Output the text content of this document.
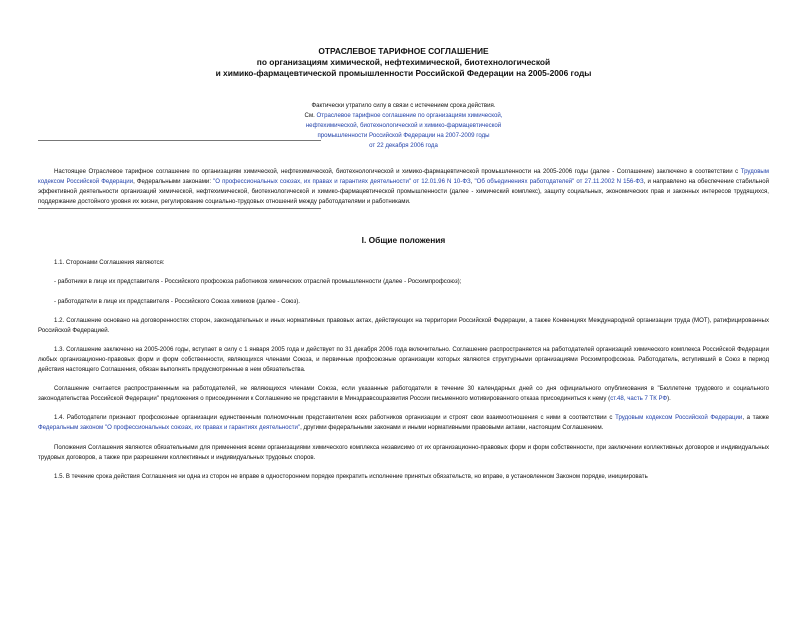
ОТРАСЛЕВОЕ ТАРИФНОЕ СОГЛАШЕНИЕ
по организациям химической, нефтехимической, биотехнологической
и химико-фармацевтической промышленности Российской Федерации на 2005-2006 годы
Фактически утратило силу в связи с истечением срока действия.
См. Отраслевое тарифное соглашение по организациям химической,
нефтехимической, биотехнологической и химико-фармацевтической
промышленности Российской Федерации на 2007-2009 годы
от 22 декабря 2006 года

Настоящее Отраслевое тарифное соглашение по организациям химической, нефтехимической, биотехнологической и химико-фармацевтической промышленности на 2005-2006 годы (далее - Соглашение) заключено в соответствии с Трудовым кодексом Российской Федерации, Федеральными законами: "О профессиональных союзах, их правах и гарантиях деятельности" от 12.01.96 N 10-ФЗ, "Об объединениях работодателей" от 27.11.2002 N 156-ФЗ, и направлено на обеспечение стабильной эффективной деятельности организаций химической, нефтехимической, биотехнологической и химико-фармацевтической промышленности (далее - химический комплекс), защиту социальных, экономических прав и законных интересов трудящихся, поддержание достойного уровня их жизни, регулирование социально-трудовых отношений между работодателями и работниками.

I. Общие положения

1.1. Сторонами Соглашения являются:

- работники в лице их представителя - Российского профсоюза работников химических отраслей промышленности (далее - Росхимпрофсоюз);

- работодатели в лице их представителя - Российского Союза химиков (далее - Союз).

1.2. Соглашение основано на договоренностях сторон, законодательных и иных нормативных правовых актах, действующих на территории Российской Федерации, а также Конвенциях Международной организации труда (МОТ), ратифицированных Российской Федерацией.

1.3. Соглашение заключено на 2005-2006 годы, вступает в силу с 1 января 2005 года и действует по 31 декабря 2006 года включительно. Соглашение распространяется на работодателей организаций химического комплекса Российской Федерации любых организационно-правовых форм и форм собственности, являющихся членами Союза, и первичные профсоюзные организации которых являются структурными организациями Росхимпрофсоюза. Работодатель, вступивший в Союз в период действия настоящего Соглашения, обязан выполнять предусмотренные в нем обязательства.

Соглашение считается распространенным на работодателей, не являющихся членами Союза, если указанные работодатели в течение 30 календарных дней со дня официального опубликования в "Бюллетене трудового и социального законодательства Российской Федерации" предложения о присоединении к Соглашению не представили в Минздравсоцразвития России письменного мотивированного отказа присоединиться к нему (ст.48, часть 7 ТК РФ).

1.4. Работодатели признают профсоюзные организации единственным полномочным представителем всех работников организации и строят свои взаимоотношения с ними в соответствии с Трудовым кодексом Российской Федерации, а также Федеральным законом "О профессиональных союзах, их правах и гарантиях деятельности", другими федеральными законами и иными нормативными правовыми актами, настоящим Соглашением.

Положения Соглашения являются обязательными для применения всеми организациями химического комплекса независимо от их организационно-правовых форм и форм собственности, при заключении коллективных договоров и индивидуальных трудовых договоров, а также при разрешении коллективных и индивидуальных трудовых споров.

1.5. В течение срока действия Соглашения ни одна из сторон не вправе в одностороннем порядке прекратить исполнение принятых обязательств, но вправе, в установленном Законом порядке, инициировать
